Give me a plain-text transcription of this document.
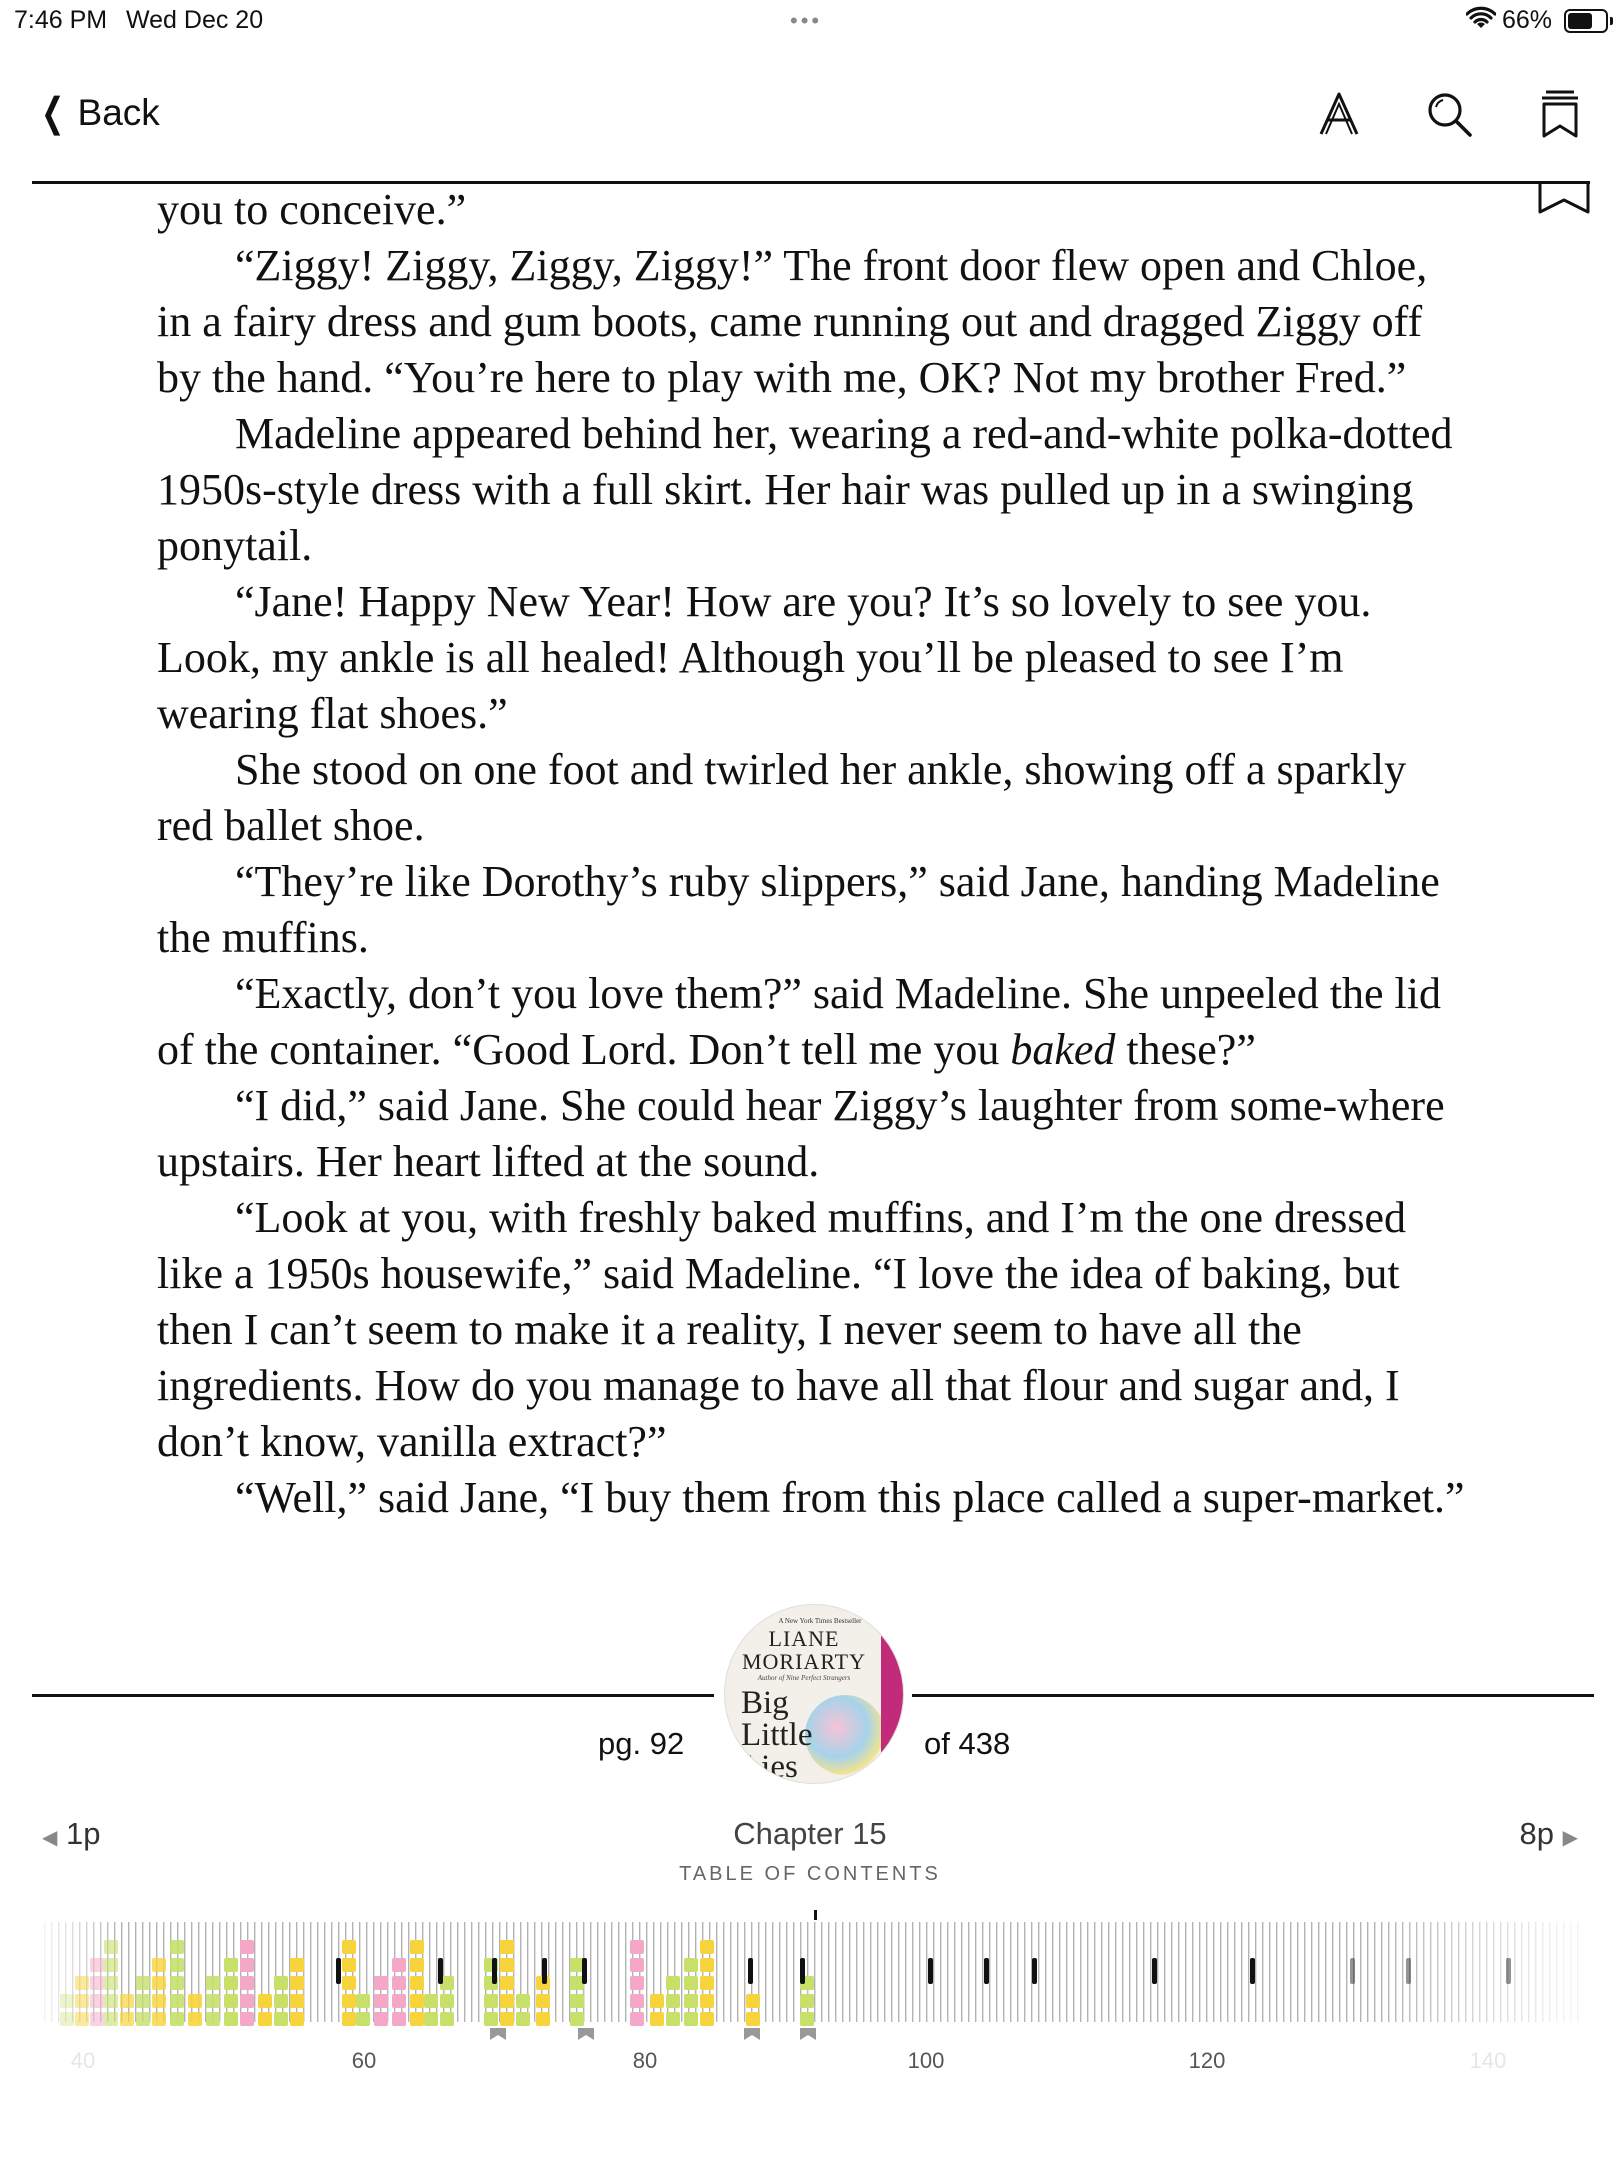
7:46 PM Wed Dec 20	•••	66%
❮ Back

you to conceive.”

“Ziggy! Ziggy, Ziggy, Ziggy!” The front door flew open and Chloe, in a fairy dress and gum boots, came running out and dragged Ziggy off by the hand. “You’re here to play with me, OK? Not my brother Fred.”

Madeline appeared behind her, wearing a red-and-white polka-dotted 1950s-style dress with a full skirt. Her hair was pulled up in a swinging ponytail.

“Jane! Happy New Year! How are you? It’s so lovely to see you. Look, my ankle is all healed! Although you’ll be pleased to see I’m wearing flat shoes.”

She stood on one foot and twirled her ankle, showing off a sparkly red ballet shoe.

“They’re like Dorothy’s ruby slippers,” said Jane, handing Madeline the muffins.

“Exactly, don’t you love them?” said Madeline. She unpeeled the lid of the container. “Good Lord. Don’t tell me you baked these?”

“I did,” said Jane. She could hear Ziggy’s laughter from some-where upstairs. Her heart lifted at the sound.

“Look at you, with freshly baked muffins, and I’m the one dressed like a 1950s housewife,” said Madeline. “I love the idea of baking, but then I can’t seem to make it a reality, I never seem to have all the ingredients. How do you manage to have all that flour and sugar and, I don’t know, vanilla extract?”

“Well,” said Jane, “I buy them from this place called a super-market.”

A New York Times Bestseller
LIANE
MORIARTY
Author of Nine Perfect Strangers
Big
Little
Lies
pg. 92	of 438
◀ 1p	Chapter 15
TABLE OF CONTENTS
8p ▶
40	60	80	100	120	140
